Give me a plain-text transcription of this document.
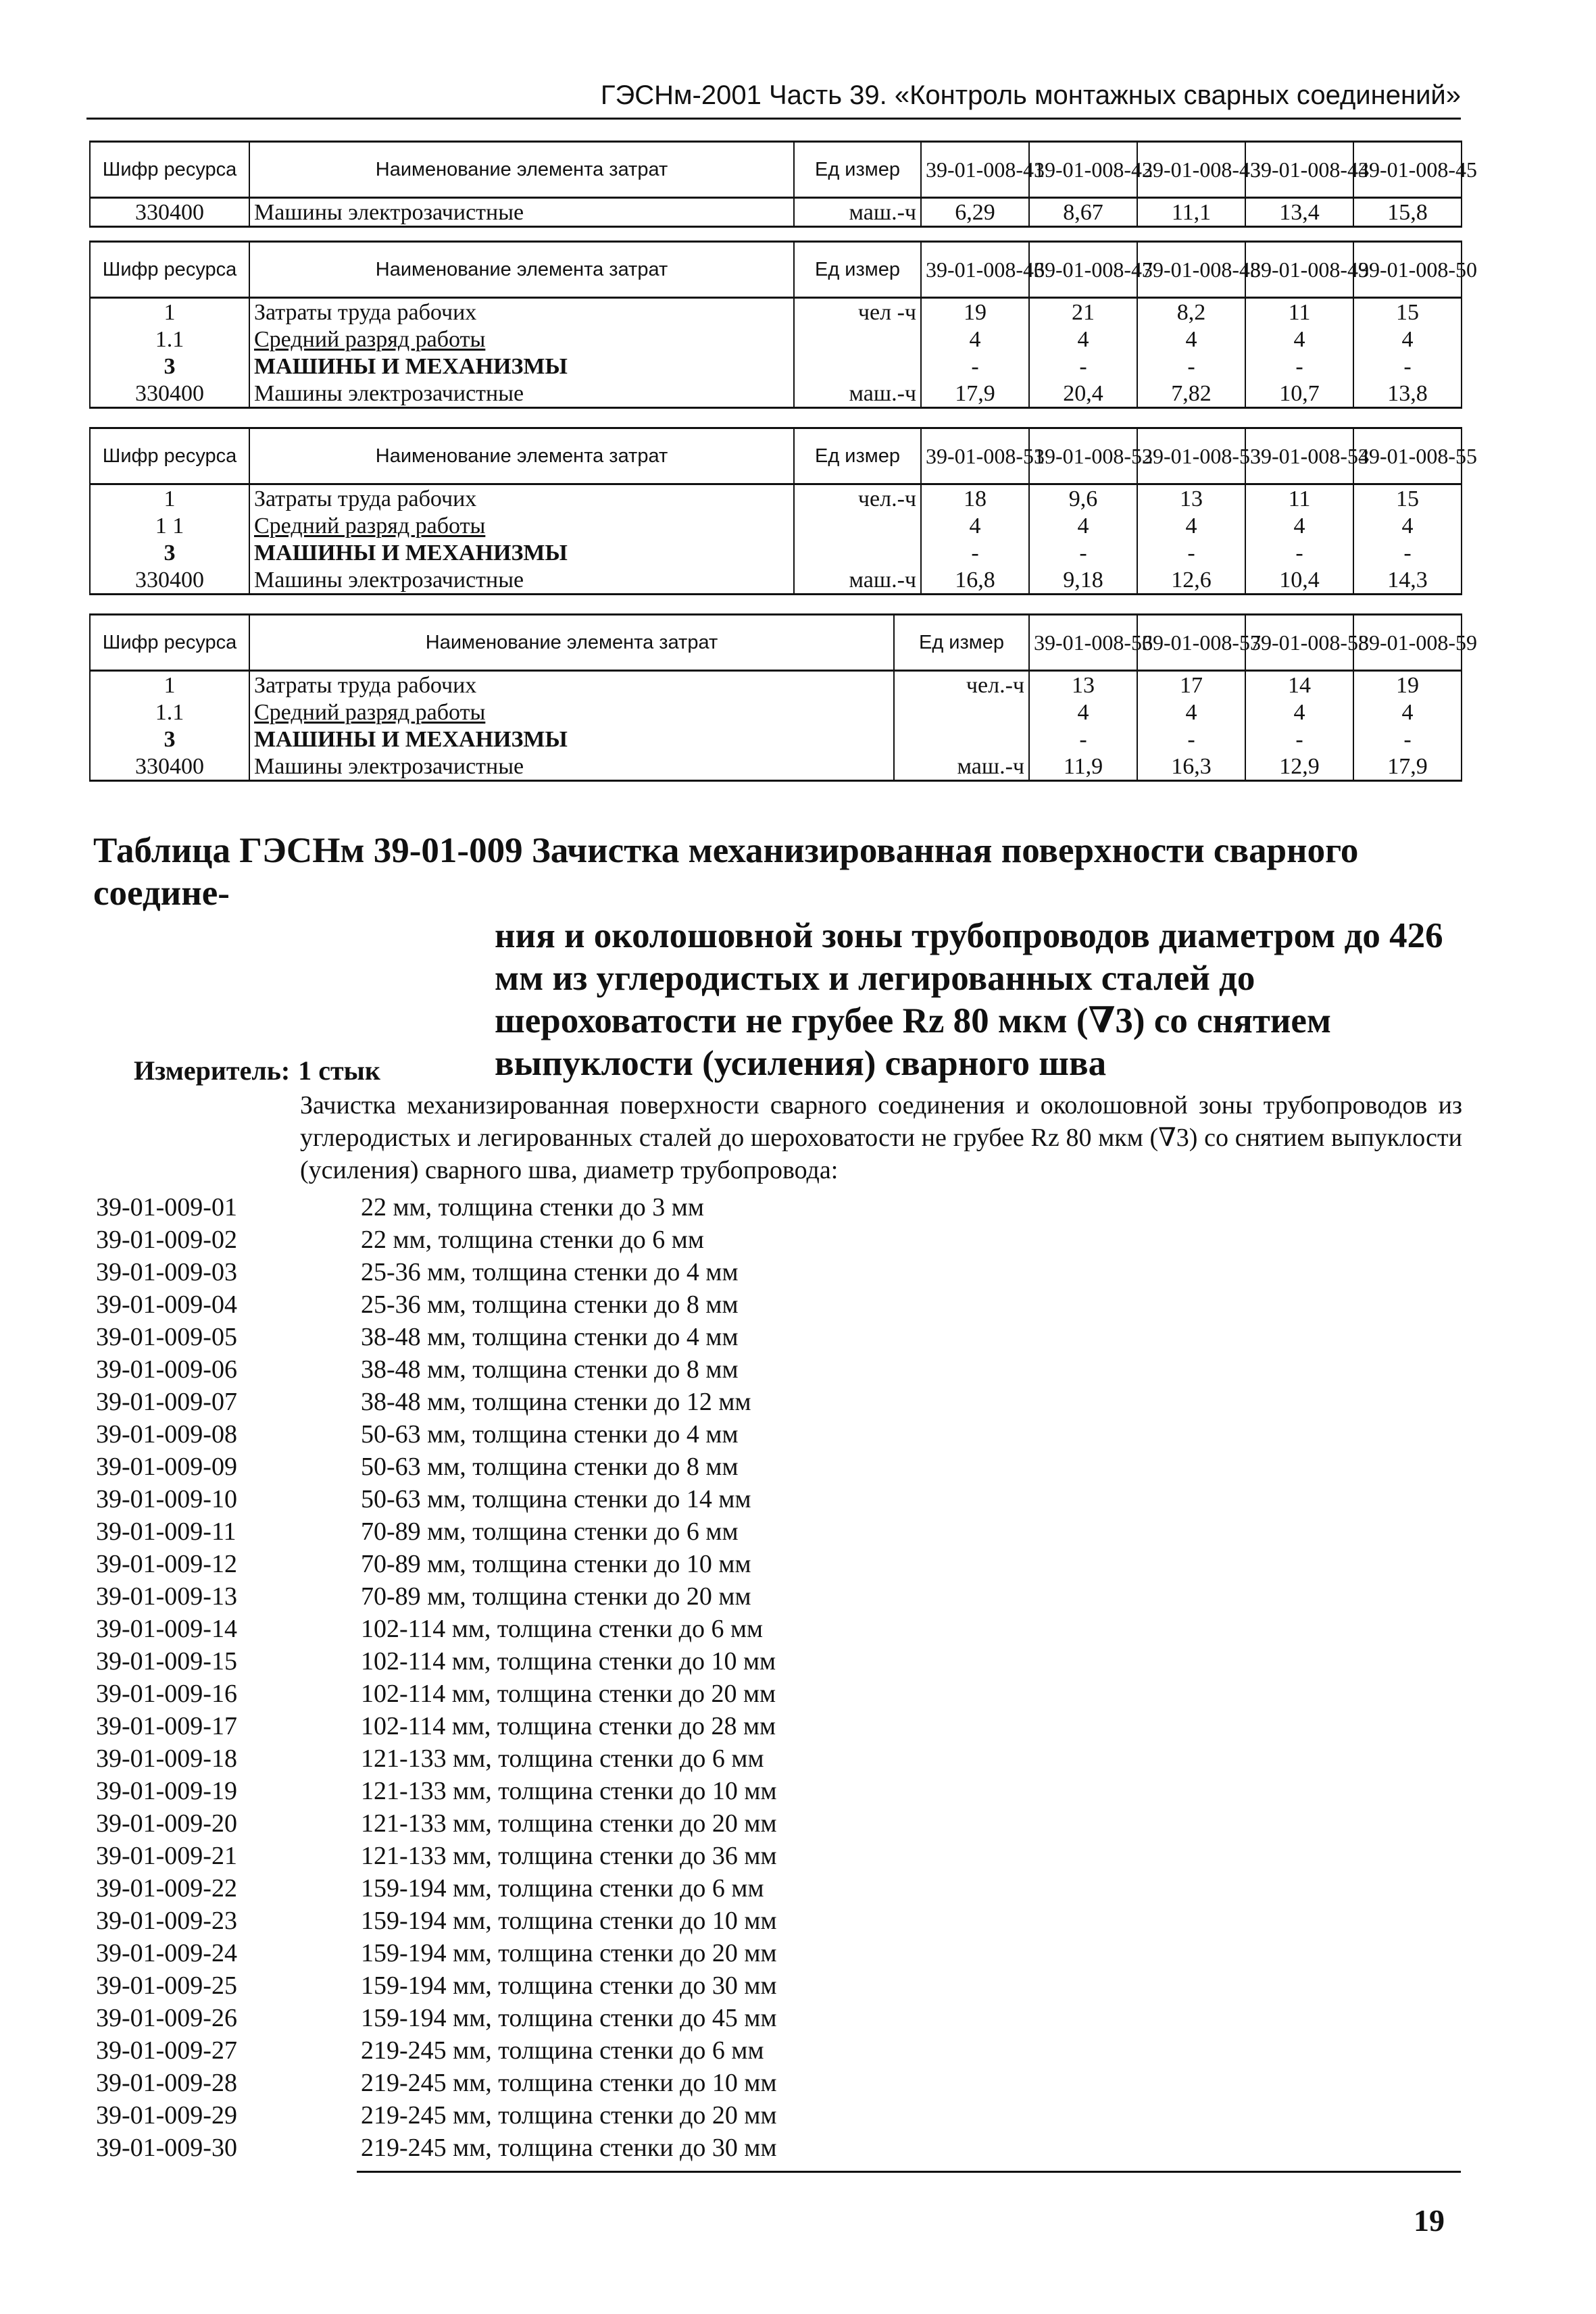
ГЭСНм-2001 Часть 39. «Контроль монтажных сварных соединений»
Шифр ресурса	Наименование элемента затрат	Ед измер	39-01-008-41	39-01-008-42	39-01-008-43	39-01-008-44	39-01-008-45
330400	Машины электрозачистные	маш.-ч	6,29	8,67	11,1	13,4	15,8
Шифр ресурса	Наименование элемента затрат	Ед измер	39-01-008-46	39-01-008-47	39-01-008-48	39-01-008-49	39-01-008-50
1	Затраты труда рабочих	чел -ч	19	21	8,2	11	15
1.1	Средний разряд работы		4	4	4	4	4
3	МАШИНЫ И МЕХАНИЗМЫ		-	-	-	-	-
330400	Машины электрозачистные	маш.-ч	17,9	20,4	7,82	10,7	13,8
Шифр ресурса	Наименование элемента затрат	Ед измер	39-01-008-51	39-01-008-52	39-01-008-53	39-01-008-54	39-01-008-55
1	Затраты труда рабочих	чел.-ч	18	9,6	13	11	15
1 1	Средний разряд работы		4	4	4	4	4
3	МАШИНЫ И МЕХАНИЗМЫ		-	-	-	-	-
330400	Машины электрозачистные	маш.-ч	16,8	9,18	12,6	10,4	14,3
Шифр ресурса	Наименование элемента затрат	Ед измер	39-01-008-56	39-01-008-57	39-01-008-58	39-01-008-59
1	Затраты труда рабочих	чел.-ч	13	17	14	19
1.1	Средний разряд работы		4	4	4	4
3	МАШИНЫ И МЕХАНИЗМЫ		-	-	-	-
330400	Машины электрозачистные	маш.-ч	11,9	16,3	12,9	17,9
Таблица ГЭСНм 39-01-009 Зачистка механизированная поверхности сварного соедине-
ния и околошовной зоны трубопроводов диаметром до 426 мм из углеродистых и легированных сталей до шероховатости не грубее Rz 80 мкм (∇3) со снятием выпуклости (усиления) сварного шва
Измеритель: 1 стык
Зачистка механизированная поверхности сварного соединения и околошовной зоны трубопроводов из углеродистых и легированных сталей до шероховатости не грубее Rz 80 мкм (∇3) со снятием выпуклости (усиления) сварного шва, диаметр трубопровода:
39-01-009-01	22 мм, толщина стенки до 3 мм
39-01-009-02	22 мм, толщина стенки до 6 мм
39-01-009-03	25-36 мм, толщина стенки до 4 мм
39-01-009-04	25-36 мм, толщина стенки до 8 мм
39-01-009-05	38-48 мм, толщина стенки до 4 мм
39-01-009-06	38-48 мм, толщина стенки до 8 мм
39-01-009-07	38-48 мм, толщина стенки до 12 мм
39-01-009-08	50-63 мм, толщина стенки до 4 мм
39-01-009-09	50-63 мм, толщина стенки до 8 мм
39-01-009-10	50-63 мм, толщина стенки до 14 мм
39-01-009-11	70-89 мм, толщина стенки до 6 мм
39-01-009-12	70-89 мм, толщина стенки до 10 мм
39-01-009-13	70-89 мм, толщина стенки до 20 мм
39-01-009-14	102-114 мм, толщина стенки до 6 мм
39-01-009-15	102-114 мм, толщина стенки до 10 мм
39-01-009-16	102-114 мм, толщина стенки до 20 мм
39-01-009-17	102-114 мм, толщина стенки до 28 мм
39-01-009-18	121-133 мм, толщина стенки до 6 мм
39-01-009-19	121-133 мм, толщина стенки до 10 мм
39-01-009-20	121-133 мм, толщина стенки до 20 мм
39-01-009-21	121-133 мм, толщина стенки до 36 мм
39-01-009-22	159-194 мм, толщина стенки до 6 мм
39-01-009-23	159-194 мм, толщина стенки до 10 мм
39-01-009-24	159-194 мм, толщина стенки до 20 мм
39-01-009-25	159-194 мм, толщина стенки до 30 мм
39-01-009-26	159-194 мм, толщина стенки до 45 мм
39-01-009-27	219-245 мм, толщина стенки до 6 мм
39-01-009-28	219-245 мм, толщина стенки до 10 мм
39-01-009-29	219-245 мм, толщина стенки до 20 мм
39-01-009-30	219-245 мм, толщина стенки до 30 мм
19
